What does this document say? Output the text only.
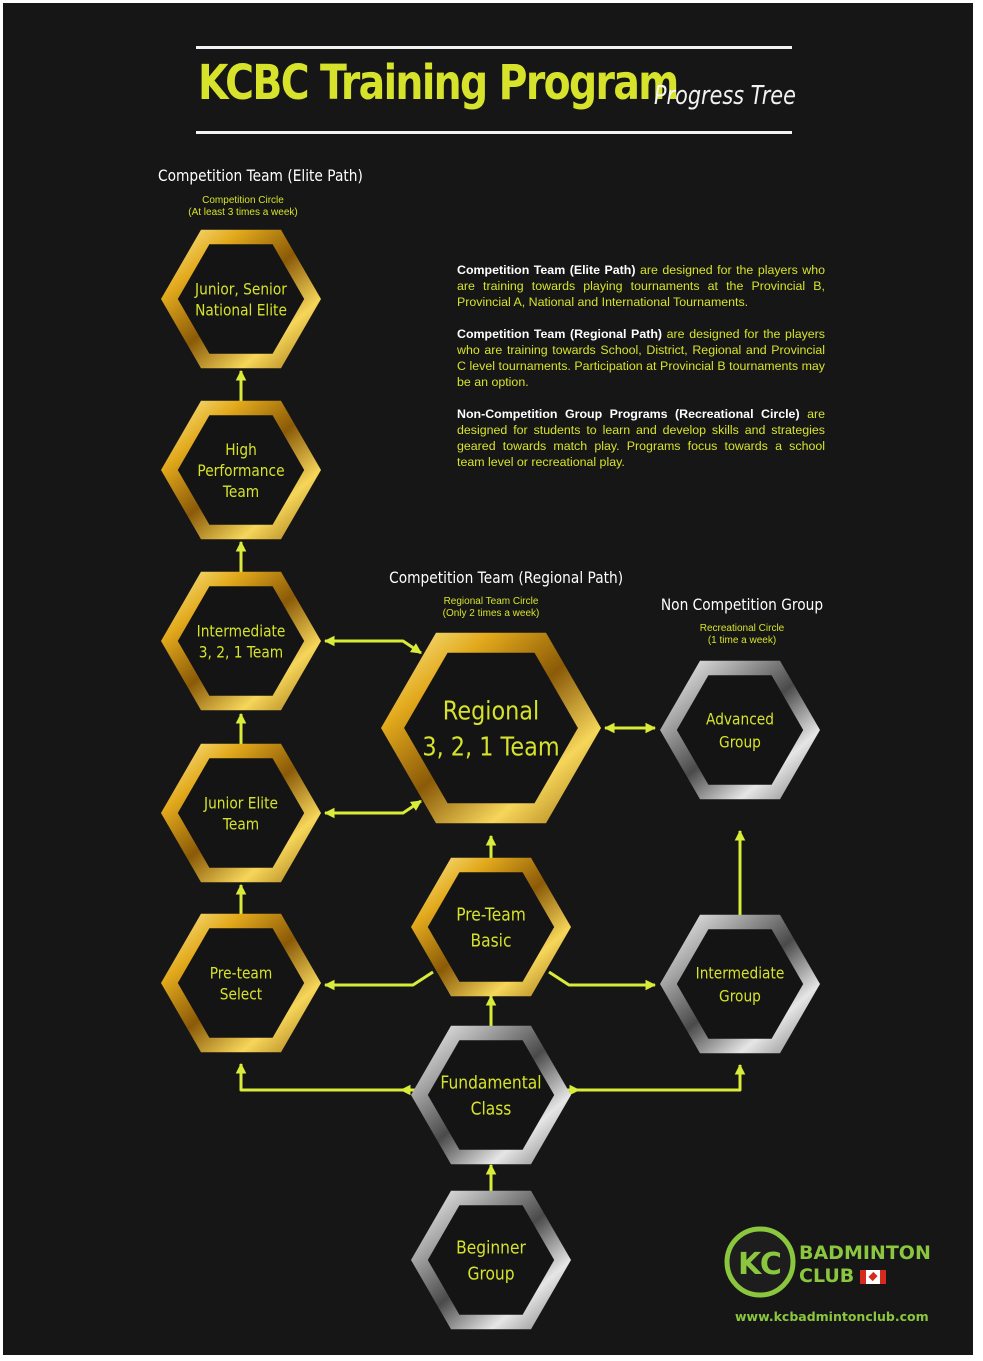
KCBC Training Program
Progress Tree
Competition Team (Elite Path)
Competition Circle
(At least 3 times a week)
Competition Team (Regional Path)
Regional Team Circle
(Only 2 times a week)	Non Competition Group
Recreational Circle
(1 time a week)

Competition Team (Elite Path) are designed for the players who are training towards playing tournaments at the Provincial B, Provincial A, National and International Tournaments.

Competition Team (Regional Path) are designed for the players who are training towards School, District, Regional and Provincial C level tournaments. Participation at Provincial B tournaments may be an option.

Non-Competition Group Programs (Recreational Circle) are designed for students to learn and develop skills and strategies geared towards match play. Programs focus towards a school team level or recreational play.

Junior, Senior
National Elite
High
Performance
Team
Intermediate
3, 2, 1 Team
Junior Elite
Team
Pre-team
Select
Regional
3, 2, 1 Team
Pre-Team
Basic
Fundamental
Class
Beginner
Group
Advanced
Group
Intermediate
Group
KC BADMINTON
CLUB
www.kcbadmintonclub.com
